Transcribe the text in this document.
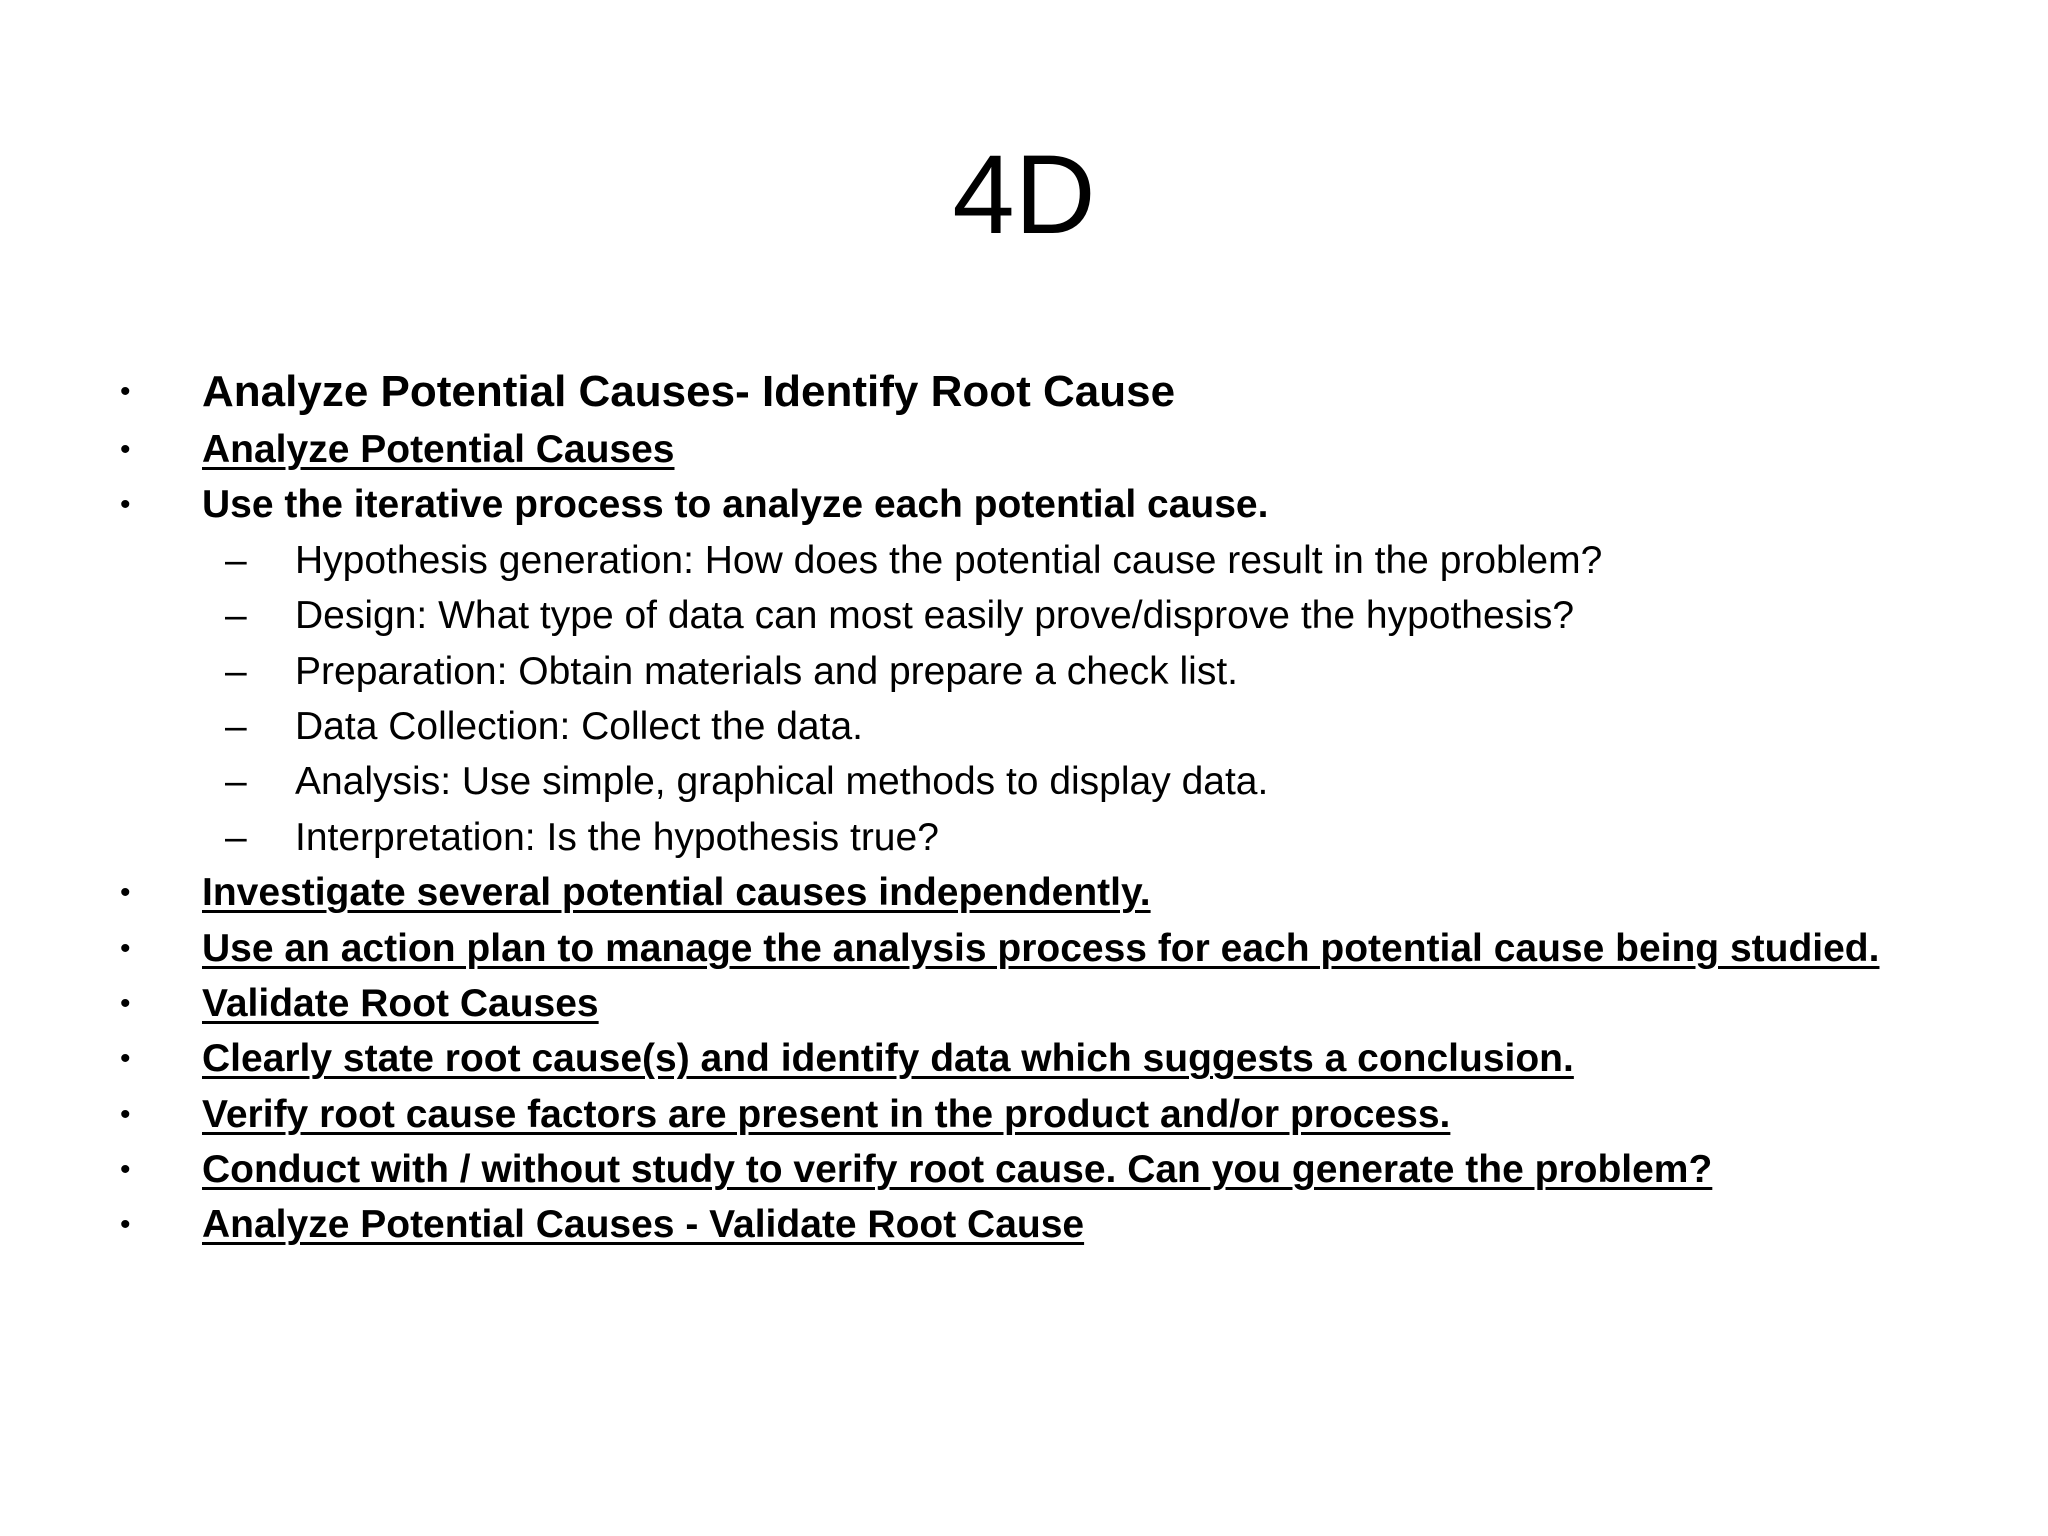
4D
•	Analyze Potential Causes- Identify Root Cause
•	Analyze Potential Causes
•	Use the iterative process to analyze each potential cause.
– Hypothesis generation: How does the potential cause result in the problem?
– Design: What type of data can most easily prove/disprove the hypothesis?
– Preparation: Obtain materials and prepare a check list.
– Data Collection: Collect the data.
– Analysis: Use simple, graphical methods to display data.
– Interpretation: Is the hypothesis true?
•	Investigate several potential causes independently.
•	Use an action plan to manage the analysis process for each potential cause being studied.
•	Validate Root Causes
•	Clearly state root cause(s) and identify data which suggests a conclusion.
•	Verify root cause factors are present in the product and/or process.
•	Conduct with / without study to verify root cause. Can you generate the problem?
•	Analyze Potential Causes - Validate Root Cause
